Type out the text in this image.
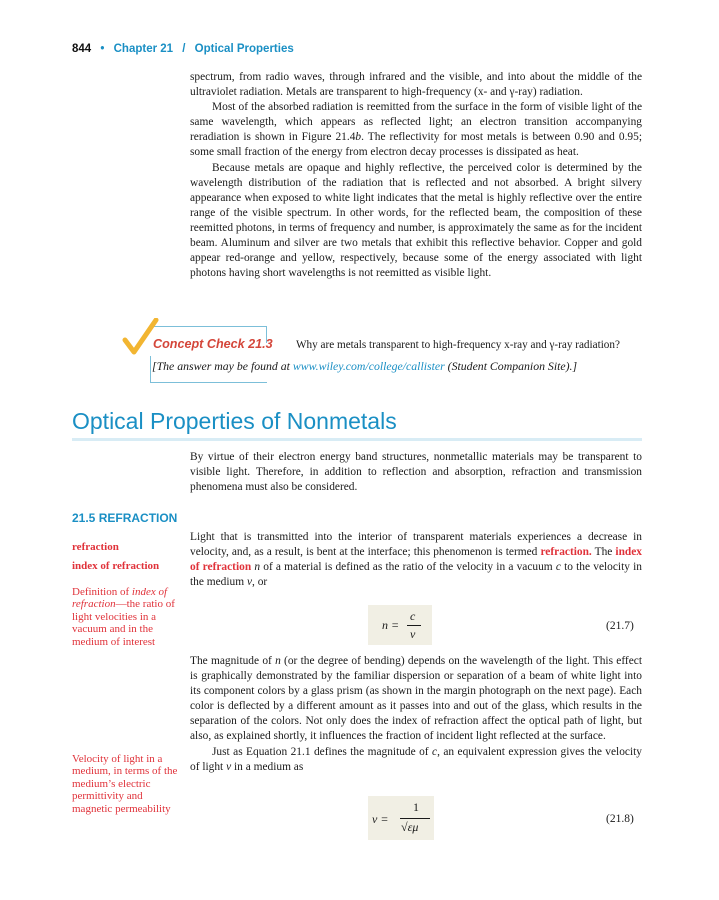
844 • Chapter 21 / Optical Properties

spectrum, from radio waves, through infrared and the visible, and into about the middle of the ultraviolet radiation. Metals are transparent to high-frequency (x- and γ-ray) radiation.

Most of the absorbed radiation is reemitted from the surface in the form of visible light of the same wavelength, which appears as reflected light; an electron transition accompanying reradiation is shown in Figure 21.4b. The reflectivity for most metals is between 0.90 and 0.95; some small fraction of the energy from electron decay processes is dissipated as heat.

Because metals are opaque and highly reflective, the perceived color is determined by the wavelength distribution of the radiation that is reflected and not absorbed. A bright silvery appearance when exposed to white light indicates that the metal is highly reflective over the entire range of the visible spectrum. In other words, for the reflected beam, the composition of these reemitted photons, in terms of frequency and number, is approximately the same as for the incident beam. Aluminum and silver are two metals that exhibit this reflective behavior. Copper and gold appear red-orange and yellow, respectively, because some of the energy associated with light photons having short wavelengths is not reemitted as visible light.

Concept Check 21.3 Why are metals transparent to high-frequency x-ray and γ-ray radiation?
[The answer may be found at www.wiley.com/college/callister (Student Companion Site).]
Optical Properties of Nonmetals

By virtue of their electron energy band structures, nonmetallic materials may be transparent to visible light. Therefore, in addition to reflection and absorption, refraction and transmission phenomena must also be considered.

21.5 REFRACTION
refraction
index of refraction
Definition of index of refraction—the ratio of light velocities in a vacuum and in the medium of interest
Velocity of light in a medium, in terms of the medium’s electric permittivity and magnetic permeability

Light that is transmitted into the interior of transparent materials experiences a decrease in velocity, and, as a result, is bent at the interface; this phenomenon is termed refraction. The index of refraction n of a material is defined as the ratio of the velocity in a vacuum c to the velocity in the medium v, or

n =
c
v
(21.7)

The magnitude of n (or the degree of bending) depends on the wavelength of the light. This effect is graphically demonstrated by the familiar dispersion or separation of a beam of white light into its component colors by a glass prism (as shown in the margin photograph on the next page). Each color is deflected by a different amount as it passes into and out of the glass, which results in the separation of the colors. Not only does the index of refraction affect the optical path of light, but also, as explained shortly, it influences the fraction of incident light reflected at the surface.

Just as Equation 21.1 defines the magnitude of c, an equivalent expression gives the velocity of light v in a medium as

v =
1
√εμ
(21.8)
